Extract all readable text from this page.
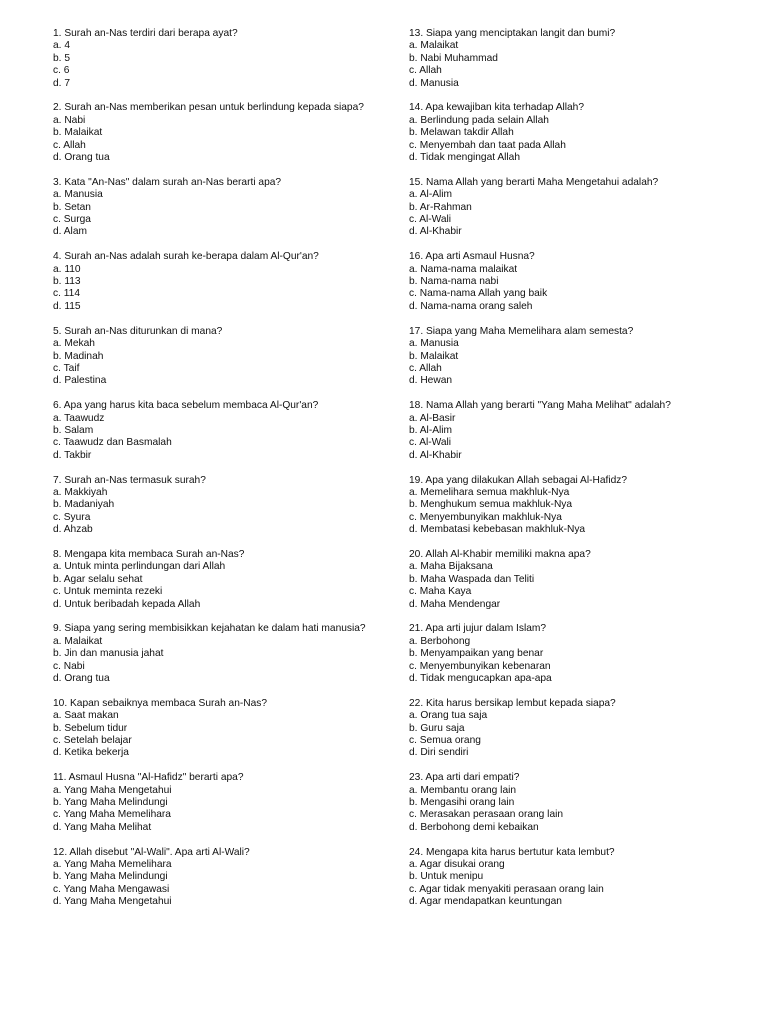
1. Surah an-Nas terdiri dari berapa ayat?
a. 4
b. 5
c. 6
d. 7
2. Surah an-Nas memberikan pesan untuk berlindung kepada siapa?
a. Nabi
b. Malaikat
c. Allah
d. Orang tua
3. Kata "An-Nas" dalam surah an-Nas berarti apa?
a. Manusia
b. Setan
c. Surga
d. Alam
4. Surah an-Nas adalah surah ke-berapa dalam Al-Qur'an?
a. 110
b. 113
c. 114
d. 115
5. Surah an-Nas diturunkan di mana?
a. Mekah
b. Madinah
c. Taif
d. Palestina
6. Apa yang harus kita baca sebelum membaca Al-Qur'an?
a. Taawudz
b. Salam
c. Taawudz dan Basmalah
d. Takbir
7. Surah an-Nas termasuk surah?
a. Makkiyah
b. Madaniyah
c. Syura
d. Ahzab
8. Mengapa kita membaca Surah an-Nas?
a. Untuk minta perlindungan dari Allah
b. Agar selalu sehat
c. Untuk meminta rezeki
d. Untuk beribadah kepada Allah
9. Siapa yang sering membisikkan kejahatan ke dalam hati manusia?
a. Malaikat
b. Jin dan manusia jahat
c. Nabi
d. Orang tua
10. Kapan sebaiknya membaca Surah an-Nas?
a. Saat makan
b. Sebelum tidur
c. Setelah belajar
d. Ketika bekerja
11. Asmaul Husna "Al-Hafidz" berarti apa?
a. Yang Maha Mengetahui
b. Yang Maha Melindungi
c. Yang Maha Memelihara
d. Yang Maha Melihat
12. Allah disebut "Al-Wali". Apa arti Al-Wali?
a. Yang Maha Memelihara
b. Yang Maha Melindungi
c. Yang Maha Mengawasi
d. Yang Maha Mengetahui
13. Siapa yang menciptakan langit dan bumi?
a. Malaikat
b. Nabi Muhammad
c. Allah
d. Manusia
14. Apa kewajiban kita terhadap Allah?
a. Berlindung pada selain Allah
b. Melawan takdir Allah
c. Menyembah dan taat pada Allah
d. Tidak mengingat Allah
15. Nama Allah yang berarti Maha Mengetahui adalah?
a. Al-Alim
b. Ar-Rahman
c. Al-Wali
d. Al-Khabir
16. Apa arti Asmaul Husna?
a. Nama-nama malaikat
b. Nama-nama nabi
c. Nama-nama Allah yang baik
d. Nama-nama orang saleh
17. Siapa yang Maha Memelihara alam semesta?
a. Manusia
b. Malaikat
c. Allah
d. Hewan
18. Nama Allah yang berarti "Yang Maha Melihat" adalah?
a. Al-Basir
b. Al-Alim
c. Al-Wali
d. Al-Khabir
19. Apa yang dilakukan Allah sebagai Al-Hafidz?
a. Memelihara semua makhluk-Nya
b. Menghukum semua makhluk-Nya
c. Menyembunyikan makhluk-Nya
d. Membatasi kebebasan makhluk-Nya
20. Allah Al-Khabir memiliki makna apa?
a. Maha Bijaksana
b. Maha Waspada dan Teliti
c. Maha Kaya
d. Maha Mendengar
21. Apa arti jujur dalam Islam?
a. Berbohong
b. Menyampaikan yang benar
c. Menyembunyikan kebenaran
d. Tidak mengucapkan apa-apa
22. Kita harus bersikap lembut kepada siapa?
a. Orang tua saja
b. Guru saja
c. Semua orang
d. Diri sendiri
23. Apa arti dari empati?
a. Membantu orang lain
b. Mengasihi orang lain
c. Merasakan perasaan orang lain
d. Berbohong demi kebaikan
24. Mengapa kita harus bertutur kata lembut?
a. Agar disukai orang
b. Untuk menipu
c. Agar tidak menyakiti perasaan orang lain
d. Agar mendapatkan keuntungan
